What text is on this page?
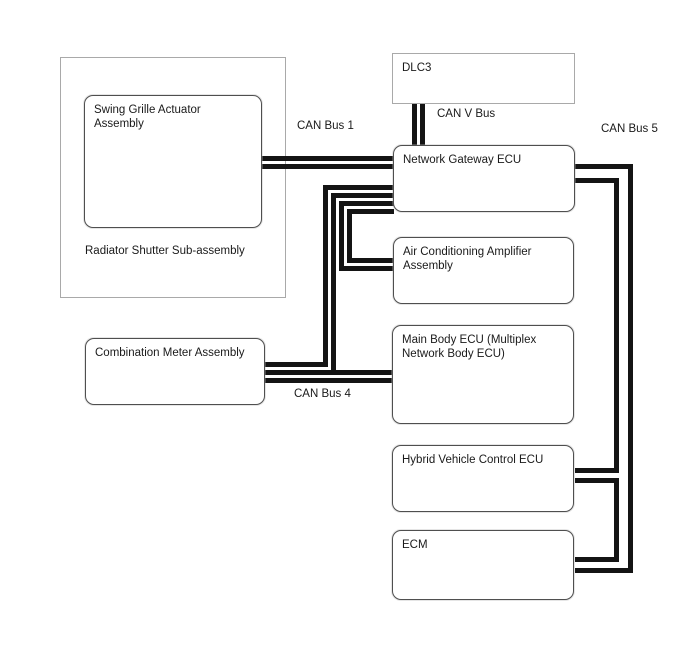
Radiator Shutter Sub-assembly
Swing Grille Actuator Assembly
DLC3
Network Gateway ECU
Air Conditioning Amplifier Assembly
Main Body ECU (Multiplex Network Body ECU)
Hybrid Vehicle Control ECU
ECM
Combination Meter Assembly
CAN Bus 1
CAN V Bus
CAN Bus 5
CAN Bus 4
